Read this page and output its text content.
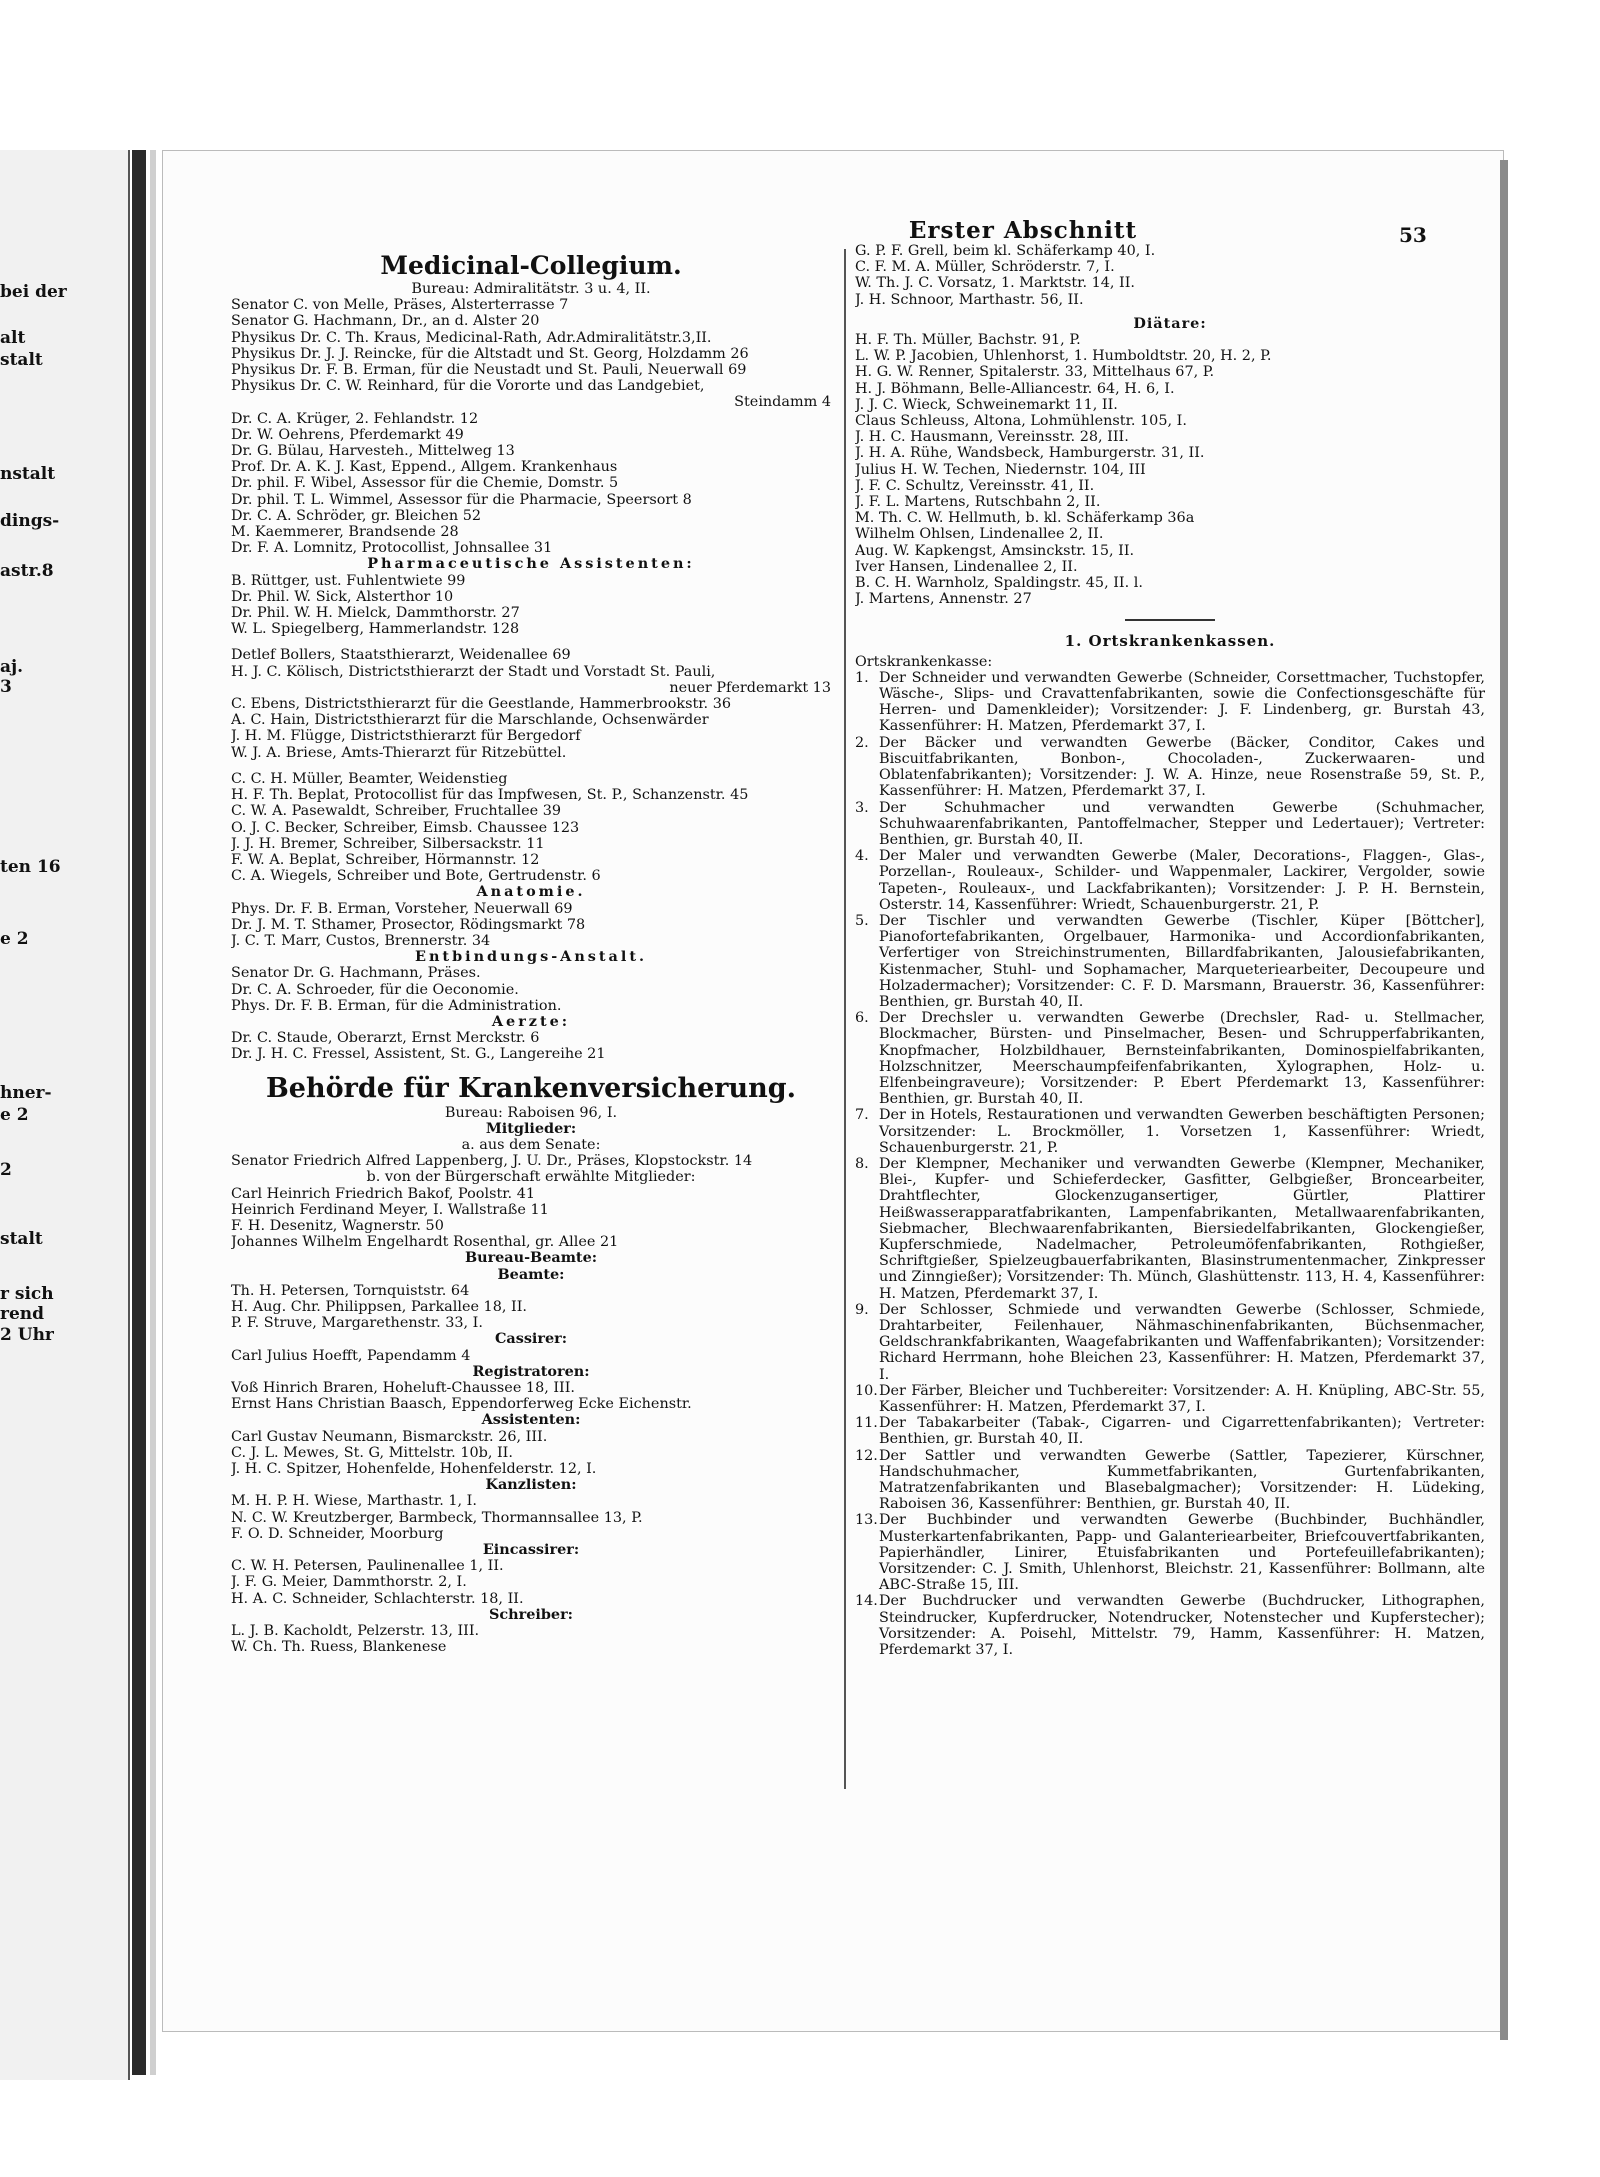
bei der
alt
stalt
nstalt
dings-
astr.8
aj.
3
ten 16
e 2
hner-
e 2
2
stalt
r sich
rend
2 Uhr
Erster Abschnitt	53
Medicinal-Collegium.
Bureau: Admiralitätstr. 3 u. 4, II.
Senator C. von Melle, Präses, Alsterterrasse 7
Senator G. Hachmann, Dr., an d. Alster 20
Physikus Dr. C. Th. Kraus, Medicinal-Rath, Adr.Admiralitätstr.3,II.
Physikus Dr. J. J. Reincke, für die Altstadt und St. Georg, Holzdamm 26
Physikus Dr. F. B. Erman, für die Neustadt und St. Pauli, Neuerwall 69
Physikus Dr. C. W. Reinhard, für die Vororte und das Landgebiet,
Steindamm 4
Dr. C. A. Krüger, 2. Fehlandstr. 12
Dr. W. Oehrens, Pferdemarkt 49
Dr. G. Bülau, Harvesteh., Mittelweg 13
Prof. Dr. A. K. J. Kast, Eppend., Allgem. Krankenhaus
Dr. phil. F. Wibel, Assessor für die Chemie, Domstr. 5
Dr. phil. T. L. Wimmel, Assessor für die Pharmacie, Speersort 8
Dr. C. A. Schröder, gr. Bleichen 52
M. Kaemmerer, Brandsende 28
Dr. F. A. Lomnitz, Protocollist, Johnsallee 31
Pharmaceutische Assistenten:
B. Rüttger, ust. Fuhlentwiete 99
Dr. Phil. W. Sick, Alsterthor 10
Dr. Phil. W. H. Mielck, Dammthorstr. 27
W. L. Spiegelberg, Hammerlandstr. 128
Detlef Bollers, Staatsthierarzt, Weidenallee 69
H. J. C. Kölisch, Districtsthierarzt der Stadt und Vorstadt St. Pauli,
neuer Pferdemarkt 13
C. Ebens, Districtsthierarzt für die Geestlande, Hammerbrookstr. 36
A. C. Hain, Districtsthierarzt für die Marschlande, Ochsenwärder
J. H. M. Flügge, Districtsthierarzt für Bergedorf
W. J. A. Briese, Amts-Thierarzt für Ritzebüttel.
C. C. H. Müller, Beamter, Weidenstieg
H. F. Th. Beplat, Protocollist für das Impfwesen, St. P., Schanzenstr. 45
C. W. A. Pasewaldt, Schreiber, Fruchtallee 39
O. J. C. Becker, Schreiber, Eimsb. Chaussee 123
J. J. H. Bremer, Schreiber, Silbersackstr. 11
F. W. A. Beplat, Schreiber, Hörmannstr. 12
C. A. Wiegels, Schreiber und Bote, Gertrudenstr. 6
Anatomie.
Phys. Dr. F. B. Erman, Vorsteher, Neuerwall 69
Dr. J. M. T. Sthamer, Prosector, Rödingsmarkt 78
J. C. T. Marr, Custos, Brennerstr. 34
Entbindungs-Anstalt.
Senator Dr. G. Hachmann, Präses.
Dr. C. A. Schroeder, für die Oeconomie.
Phys. Dr. F. B. Erman, für die Administration.
Aerzte:
Dr. C. Staude, Oberarzt, Ernst Merckstr. 6
Dr. J. H. C. Fressel, Assistent, St. G., Langereihe 21
Behörde für Krankenversicherung.
Bureau: Raboisen 96, I.
Mitglieder:
a. aus dem Senate:
Senator Friedrich Alfred Lappenberg, J. U. Dr., Präses, Klopstockstr. 14
b. von der Bürgerschaft erwählte Mitglieder:
Carl Heinrich Friedrich Bakof, Poolstr. 41
Heinrich Ferdinand Meyer, I. Wallstraße 11
F. H. Desenitz, Wagnerstr. 50
Johannes Wilhelm Engelhardt Rosenthal, gr. Allee 21
Bureau-Beamte:
Beamte:
Th. H. Petersen, Tornquiststr. 64
H. Aug. Chr. Philippsen, Parkallee 18, II.
P. F. Struve, Margarethenstr. 33, I.
Cassirer:
Carl Julius Hoefft, Papendamm 4
Registratoren:
Voß Hinrich Braren, Hoheluft-Chaussee 18, III.
Ernst Hans Christian Baasch, Eppendorferweg Ecke Eichenstr.
Assistenten:
Carl Gustav Neumann, Bismarckstr. 26, III.
C. J. L. Mewes, St. G, Mittelstr. 10b, II.
J. H. C. Spitzer, Hohenfelde, Hohenfelderstr. 12, I.
Kanzlisten:
M. H. P. H. Wiese, Marthastr. 1, I.
N. C. W. Kreutzberger, Barmbeck, Thormannsallee 13, P.
F. O. D. Schneider, Moorburg
Eincassirer:
C. W. H. Petersen, Paulinenallee 1, II.
J. F. G. Meier, Dammthorstr. 2, I.
H. A. C. Schneider, Schlachterstr. 18, II.
Schreiber:
L. J. B. Kacholdt, Pelzerstr. 13, III.
W. Ch. Th. Ruess, Blankenese
G. P. F. Grell, beim kl. Schäferkamp 40, I.
C. F. M. A. Müller, Schröderstr. 7, I.
W. Th. J. C. Vorsatz, 1. Marktstr. 14, II.
J. H. Schnoor, Marthastr. 56, II.
Diätare:
H. F. Th. Müller, Bachstr. 91, P.
L. W. P. Jacobien, Uhlenhorst, 1. Humboldtstr. 20, H. 2, P.
H. G. W. Renner, Spitalerstr. 33, Mittelhaus 67, P.
H. J. Böhmann, Belle-Alliancestr. 64, H. 6, I.
J. J. C. Wieck, Schweinemarkt 11, II.
Claus Schleuss, Altona, Lohmühlenstr. 105, I.
J. H. C. Hausmann, Vereinsstr. 28, III.
J. H. A. Rühe, Wandsbeck, Hamburgerstr. 31, II.
Julius H. W. Techen, Niedernstr. 104, III
J. F. C. Schultz, Vereinsstr. 41, II.
J. F. L. Martens, Rutschbahn 2, II.
M. Th. C. W. Hellmuth, b. kl. Schäferkamp 36a
Wilhelm Ohlsen, Lindenallee 2, II.
Aug. W. Kapkengst, Amsinckstr. 15, II.
Iver Hansen, Lindenallee 2, II.
B. C. H. Warnholz, Spaldingstr. 45, II. l.
J. Martens, Annenstr. 27
1. Ortskrankenkassen.
Ortskrankenkasse:
1. Der Schneider und verwandten Gewerbe (Schneider, Corsettmacher, Tuchstopfer, Wäsche-, Slips- und Cravattenfabrikanten, sowie die Confectionsgeschäfte für Herren- und Damenkleider); Vorsitzender: J. F. Lindenberg, gr. Burstah 43, Kassenführer: H. Matzen, Pferdemarkt 37, I.
2. Der Bäcker und verwandten Gewerbe (Bäcker, Conditor, Cakes und Biscuitfabrikanten, Bonbon-, Chocoladen-, Zuckerwaaren- und Oblatenfabrikanten); Vorsitzender: J. W. A. Hinze, neue Rosenstraße 59, St. P., Kassenführer: H. Matzen, Pferdemarkt 37, I.
3. Der Schuhmacher und verwandten Gewerbe (Schuhmacher, Schuhwaarenfabrikanten, Pantoffelmacher, Stepper und Ledertauer); Vertreter: Benthien, gr. Burstah 40, II.
4. Der Maler und verwandten Gewerbe (Maler, Decorations-, Flaggen-, Glas-, Porzellan-, Rouleaux-, Schilder- und Wappenmaler, Lackirer, Vergolder, sowie Tapeten-, Rouleaux-, und Lackfabrikanten); Vorsitzender: J. P. H. Bernstein, Osterstr. 14, Kassenführer: Wriedt, Schauenburgerstr. 21, P.
5. Der Tischler und verwandten Gewerbe (Tischler, Küper [Böttcher], Pianofortefabrikanten, Orgelbauer, Harmonika- und Accordionfabrikanten, Verfertiger von Streichinstrumenten, Billardfabrikanten, Jalousiefabrikanten, Kistenmacher, Stuhl- und Sophamacher, Marqueteriearbeiter, Decoupeure und Holzadermacher); Vorsitzender: C. F. D. Marsmann, Brauerstr. 36, Kassenführer: Benthien, gr. Burstah 40, II.
6. Der Drechsler u. verwandten Gewerbe (Drechsler, Rad- u. Stellmacher, Blockmacher, Bürsten- und Pinselmacher, Besen- und Schrupperfabrikanten, Knopfmacher, Holzbildhauer, Bernsteinfabrikanten, Dominospielfabrikanten, Holzschnitzer, Meerschaumpfeifenfabrikanten, Xylographen, Holz- u. Elfenbeingraveure); Vorsitzender: P. Ebert Pferdemarkt 13, Kassenführer: Benthien, gr. Burstah 40, II.
7. Der in Hotels, Restaurationen und verwandten Gewerben beschäftigten Personen; Vorsitzender: L. Brockmöller, 1. Vorsetzen 1, Kassenführer: Wriedt, Schauenburgerstr. 21, P.
8. Der Klempner, Mechaniker und verwandten Gewerbe (Klempner, Mechaniker, Blei-, Kupfer- und Schieferdecker, Gasfitter, Gelbgießer, Broncearbeiter, Drahtflechter, Glockenzugansertiger, Gürtler, Plattirer Heißwasserapparatfabrikanten, Lampenfabrikanten, Metallwaarenfabrikanten, Siebmacher, Blechwaarenfabrikanten, Biersiedelfabrikanten, Glockengießer, Kupferschmiede, Nadelmacher, Petroleumöfenfabrikanten, Rothgießer, Schriftgießer, Spielzeugbauerfabrikanten, Blasinstrumentenmacher, Zinkpresser und Zinngießer); Vorsitzender: Th. Münch, Glashüttenstr. 113, H. 4, Kassenführer: H. Matzen, Pferdemarkt 37, I.
9. Der Schlosser, Schmiede und verwandten Gewerbe (Schlosser, Schmiede, Drahtarbeiter, Feilenhauer, Nähmaschinenfabrikanten, Büchsenmacher, Geldschrankfabrikanten, Waagefabrikanten und Waffenfabrikanten); Vorsitzender: Richard Herrmann, hohe Bleichen 23, Kassenführer: H. Matzen, Pferdemarkt 37, I.
10. Der Färber, Bleicher und Tuchbereiter: Vorsitzender: A. H. Knüpling, ABC-Str. 55, Kassenführer: H. Matzen, Pferdemarkt 37, I.
11. Der Tabakarbeiter (Tabak-, Cigarren- und Cigarrettenfabrikanten); Vertreter: Benthien, gr. Burstah 40, II.
12. Der Sattler und verwandten Gewerbe (Sattler, Tapezierer, Kürschner, Handschuhmacher, Kummetfabrikanten, Gurtenfabrikanten, Matratzenfabrikanten und Blasebalgmacher); Vorsitzender: H. Lüdeking, Raboisen 36, Kassenführer: Benthien, gr. Burstah 40, II.
13. Der Buchbinder und verwandten Gewerbe (Buchbinder, Buchhändler, Musterkartenfabrikanten, Papp- und Galanteriearbeiter, Briefcouvertfabrikanten, Papierhändler, Linirer, Etuisfabrikanten und Portefeuillefabrikanten); Vorsitzender: C. J. Smith, Uhlenhorst, Bleichstr. 21, Kassenführer: Bollmann, alte ABC-Straße 15, III.
14. Der Buchdrucker und verwandten Gewerbe (Buchdrucker, Lithographen, Steindrucker, Kupferdrucker, Notendrucker, Notenstecher und Kupferstecher); Vorsitzender: A. Poisehl, Mittelstr. 79, Hamm, Kassenführer: H. Matzen, Pferdemarkt 37, I.
